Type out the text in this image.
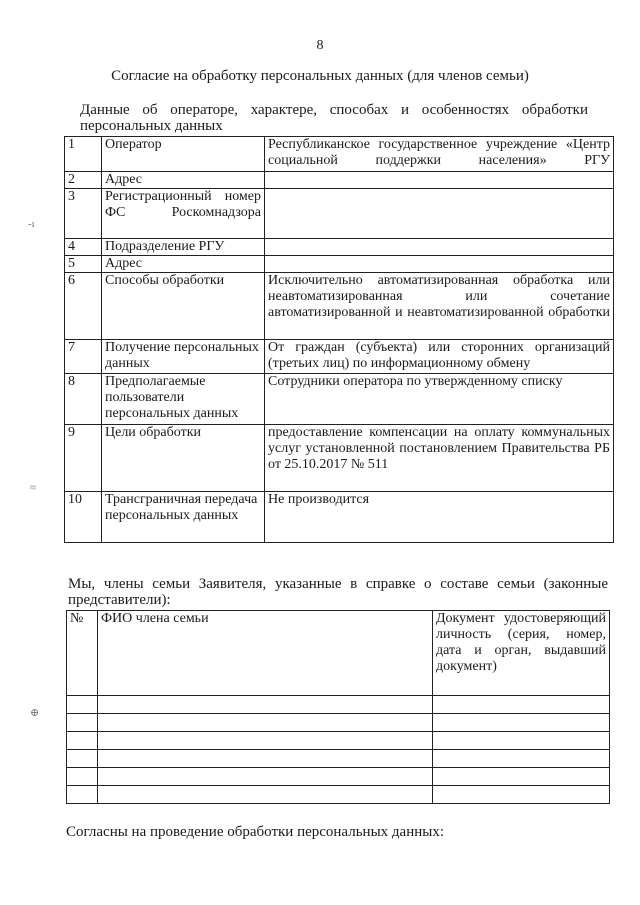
8
Согласие на обработку персональных данных (для членов семьи)
Данные об операторе, характере, способах и особенностях обработки
персональных данных
1	Оператор	Республиканское государственное учреждение «Центр социальной поддержки населения» РГУ
2	Адрес	
3	Регистрационный номер ФС Роскомнадзора	
4	Подразделение РГУ	
5	Адрес	
6	Способы обработки	Исключительно автоматизированная обработка или неавтоматизированная или сочетание автоматизированной и неавтоматизированной обработки
7	Получение персональных данных	От граждан (субъекта) или сторонних организаций (третьих лиц) по информационному обмену
8	Предполагаемые пользователи персональных данных	Сотрудники оператора по утвержденному списку
9	Цели обработки	предоставление компенсации на оплату коммунальных услуг установленной постановлением Правительства РБ от 25.10.2017 № 511
10	Трансграничная передача персональных данных	Не производится
Мы, члены семьи Заявителя, указанные в справке о составе семьи (законные
представители):
№	ФИО члена семьи	Документ удостоверяющий личность (серия, номер, дата и орган, выдавший документ)

Согласны на проведение обработки персональных данных:
-ı
≈
⊕
